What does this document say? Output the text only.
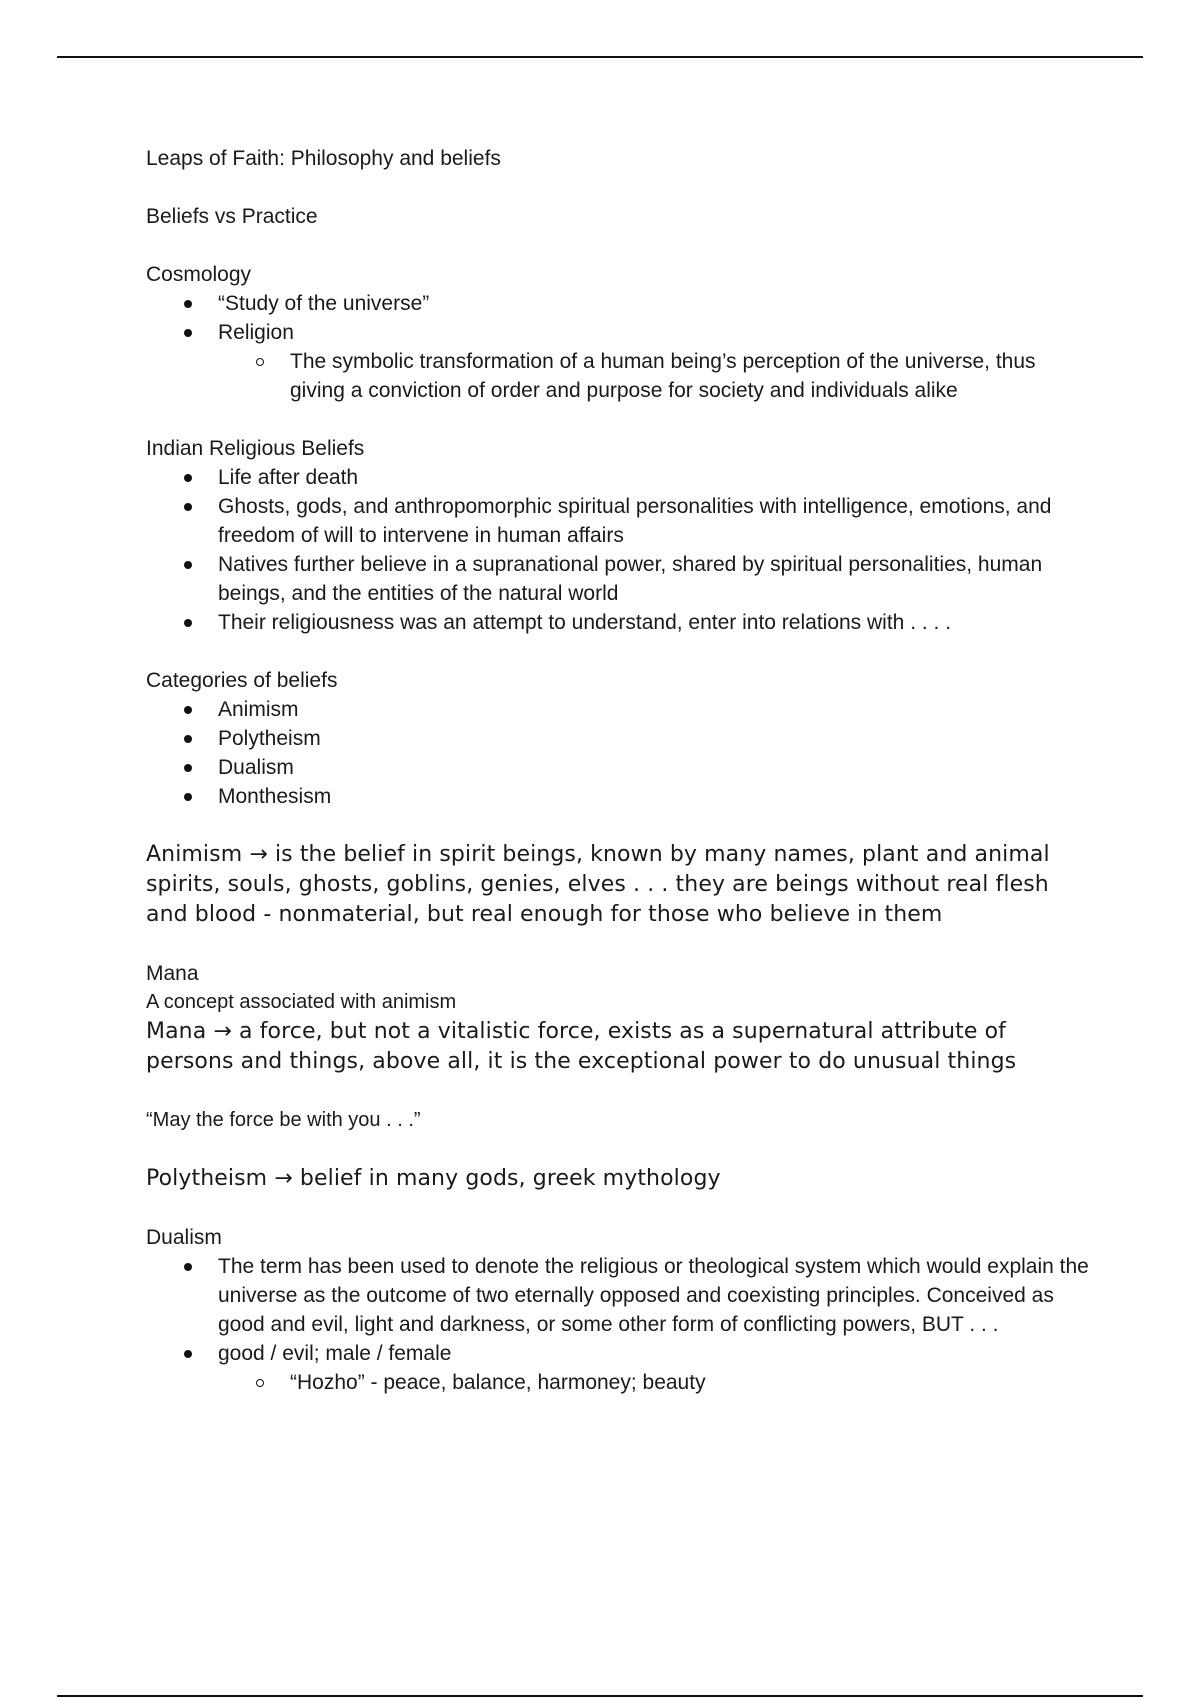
Leaps of Faith: Philosophy and beliefs

Beliefs vs Practice

Cosmology

“Study of the universe”
Religion
The symbolic transformation of a human being’s perception of the universe, thus giving a conviction of order and purpose for society and individuals alike

Indian Religious Beliefs

Life after death
Ghosts, gods, and anthropomorphic spiritual personalities with intelligence, emotions, and freedom of will to intervene in human affairs
Natives further believe in a supranational power, shared by spiritual personalities, human beings, and the entities of the natural world
Their religiousness was an attempt to understand, enter into relations with . . . .

Categories of beliefs

Animism
Polytheism
Dualism
Monthesism

Animism → is the belief in spirit beings, known by many names, plant and animal spirits, souls, ghosts, goblins, genies, elves . . . they are beings without real flesh and blood - nonmaterial, but real enough for those who believe in them

Mana

A concept associated with animism

Mana → a force, but not a vitalistic force, exists as a supernatural attribute of persons and things, above all, it is the exceptional power to do unusual things

“May the force be with you . . .”

Polytheism → belief in many gods, greek mythology

Dualism

The term has been used to denote the religious or theological system which would explain the universe as the outcome of two eternally opposed and coexisting principles. Conceived as good and evil, light and darkness, or some other form of conflicting powers, BUT . . .
good / evil; male / female
“Hozho” - peace, balance, harmoney; beauty
